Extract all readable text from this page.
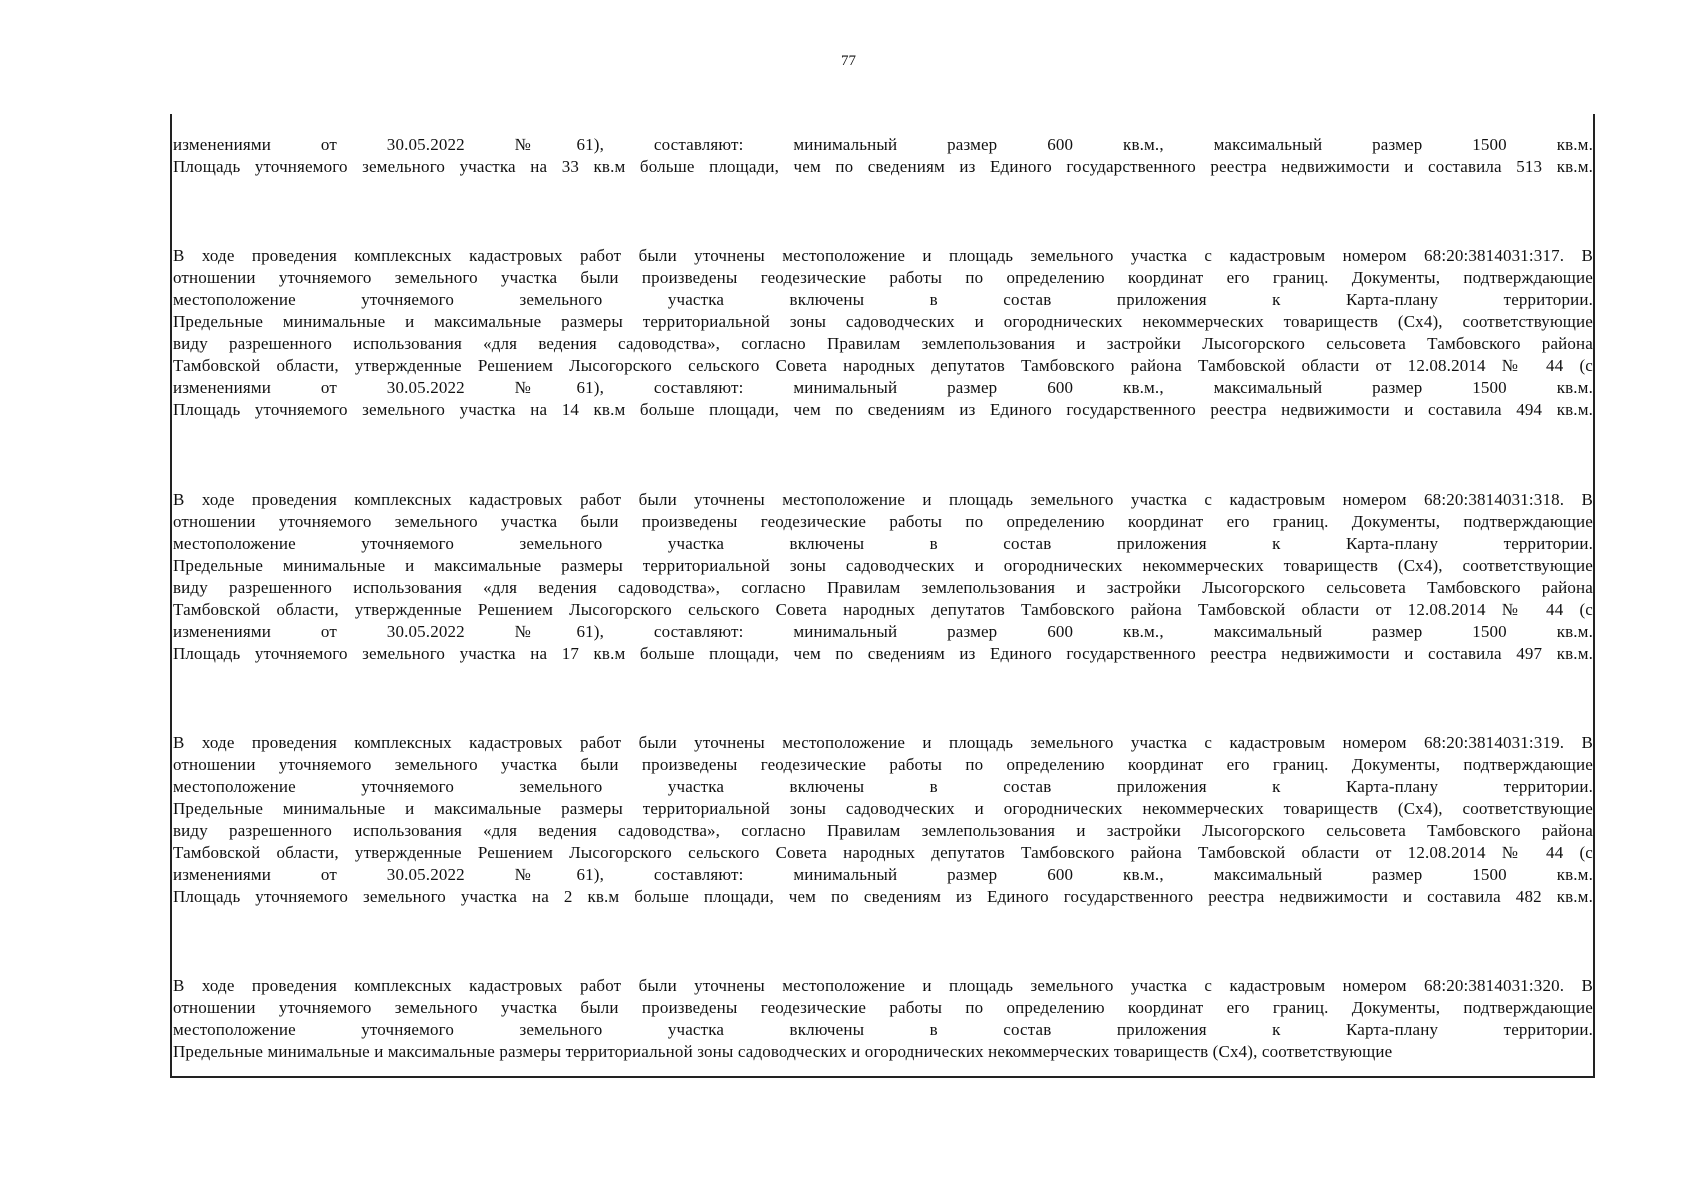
77
изменениями от 30.05.2022 №61), составляют: минимальный размер 600 кв.м., максимальный размер 1500 кв.м.
Площадь уточняемого земельного участка на 33 кв.м больше площади, чем по сведениям из Единого государственного реестра недвижимости и составила 513 кв.м.
В ходе проведения комплексных кадастровых работ были уточнены местоположение и площадь земельного участка с кадастровым номером 68:20:3814031:317. В
отношении уточняемого земельного участка были произведены геодезические работы по определению координат его границ. Документы, подтверждающие
местоположение уточняемого земельного участка включены в состав приложения к Карта-плану территории.
Предельные минимальные и максимальные размеры территориальной зоны садоводческих и огороднических некоммерческих товариществ (Сх4), соответствующие
виду разрешенного использования «для ведения садоводства», согласно Правилам землепользования и застройки Лысогорского сельсовета Тамбовского района
Тамбовской области, утвержденные Решением Лысогорского сельского Совета народных депутатов Тамбовского района Тамбовской области от 12.08.2014 № 44 (с
изменениями от 30.05.2022 №61), составляют: минимальный размер 600 кв.м., максимальный размер 1500 кв.м.
Площадь уточняемого земельного участка на 14 кв.м больше площади, чем по сведениям из Единого государственного реестра недвижимости и составила 494 кв.м.
В ходе проведения комплексных кадастровых работ были уточнены местоположение и площадь земельного участка с кадастровым номером 68:20:3814031:318. В
отношении уточняемого земельного участка были произведены геодезические работы по определению координат его границ. Документы, подтверждающие
местоположение уточняемого земельного участка включены в состав приложения к Карта-плану территории.
Предельные минимальные и максимальные размеры территориальной зоны садоводческих и огороднических некоммерческих товариществ (Сх4), соответствующие
виду разрешенного использования «для ведения садоводства», согласно Правилам землепользования и застройки Лысогорского сельсовета Тамбовского района
Тамбовской области, утвержденные Решением Лысогорского сельского Совета народных депутатов Тамбовского района Тамбовской области от 12.08.2014 № 44 (с
изменениями от 30.05.2022 №61), составляют: минимальный размер 600 кв.м., максимальный размер 1500 кв.м.
Площадь уточняемого земельного участка на 17 кв.м больше площади, чем по сведениям из Единого государственного реестра недвижимости и составила 497 кв.м.
В ходе проведения комплексных кадастровых работ были уточнены местоположение и площадь земельного участка с кадастровым номером 68:20:3814031:319. В
отношении уточняемого земельного участка были произведены геодезические работы по определению координат его границ. Документы, подтверждающие
местоположение уточняемого земельного участка включены в состав приложения к Карта-плану территории.
Предельные минимальные и максимальные размеры территориальной зоны садоводческих и огороднических некоммерческих товариществ (Сх4), соответствующие
виду разрешенного использования «для ведения садоводства», согласно Правилам землепользования и застройки Лысогорского сельсовета Тамбовского района
Тамбовской области, утвержденные Решением Лысогорского сельского Совета народных депутатов Тамбовского района Тамбовской области от 12.08.2014 № 44 (с
изменениями от 30.05.2022 №61), составляют: минимальный размер 600 кв.м., максимальный размер 1500 кв.м.
Площадь уточняемого земельного участка на 2 кв.м больше площади, чем по сведениям из Единого государственного реестра недвижимости и составила 482 кв.м.
В ходе проведения комплексных кадастровых работ были уточнены местоположение и площадь земельного участка с кадастровым номером 68:20:3814031:320. В
отношении уточняемого земельного участка были произведены геодезические работы по определению координат его границ. Документы, подтверждающие
местоположение уточняемого земельного участка включены в состав приложения к Карта-плану территории.
Предельные минимальные и максимальные размеры территориальной зоны садоводческих и огороднических некоммерческих товариществ (Сх4), соответствующие
